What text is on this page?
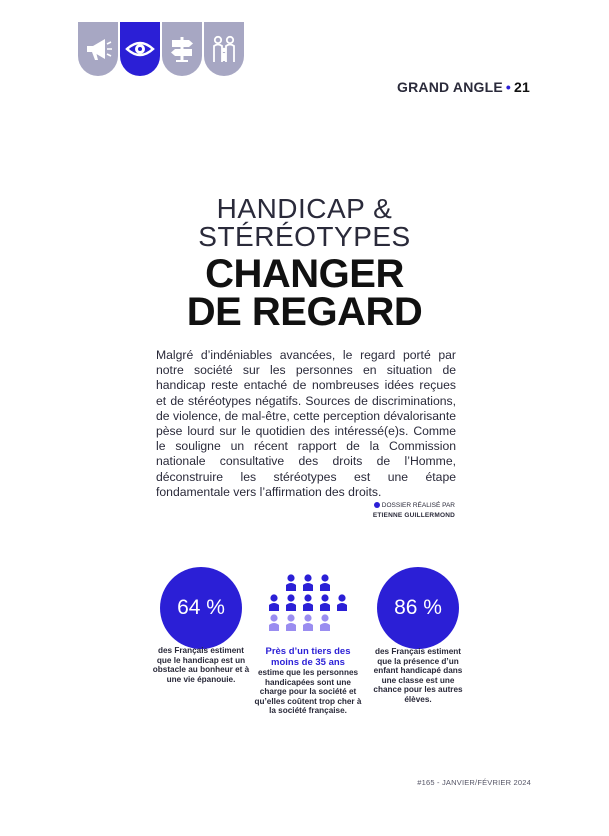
GRAND ANGLE • 21
HANDICAP &
STÉRÉOTYPES
CHANGER
DE REGARD
Malgré d’indéniables avancées, le regard porté par notre société sur les personnes en situation de handicap reste entaché de nombreuses idées reçues et de stéréotypes négatifs. Sources de discriminations, de violence, de mal-être, cette perception dévalorisante pèse lourd sur le quotidien des intéressé(e)s. Comme le souligne un récent rapport de la Commission nationale consultative des droits de l’Homme, déconstruire les stéréotypes est une étape fondamentale vers l’affirmation des droits.
DOSSIER RÉALISÉ PAR
ETIENNE GUILLERMOND
64 %
des Français estiment que le handicap est un obstacle au bonheur et à une vie épanouie.
Près d’un tiers des moins de 35 ans
estime que les personnes handicapées sont une charge pour la société et qu’elles coûtent trop cher à la société française.
86 %
des Français estiment que la présence d’un enfant handicapé dans une classe est une chance pour les autres élèves.
#165 - JANVIER/FÉVRIER 2024
